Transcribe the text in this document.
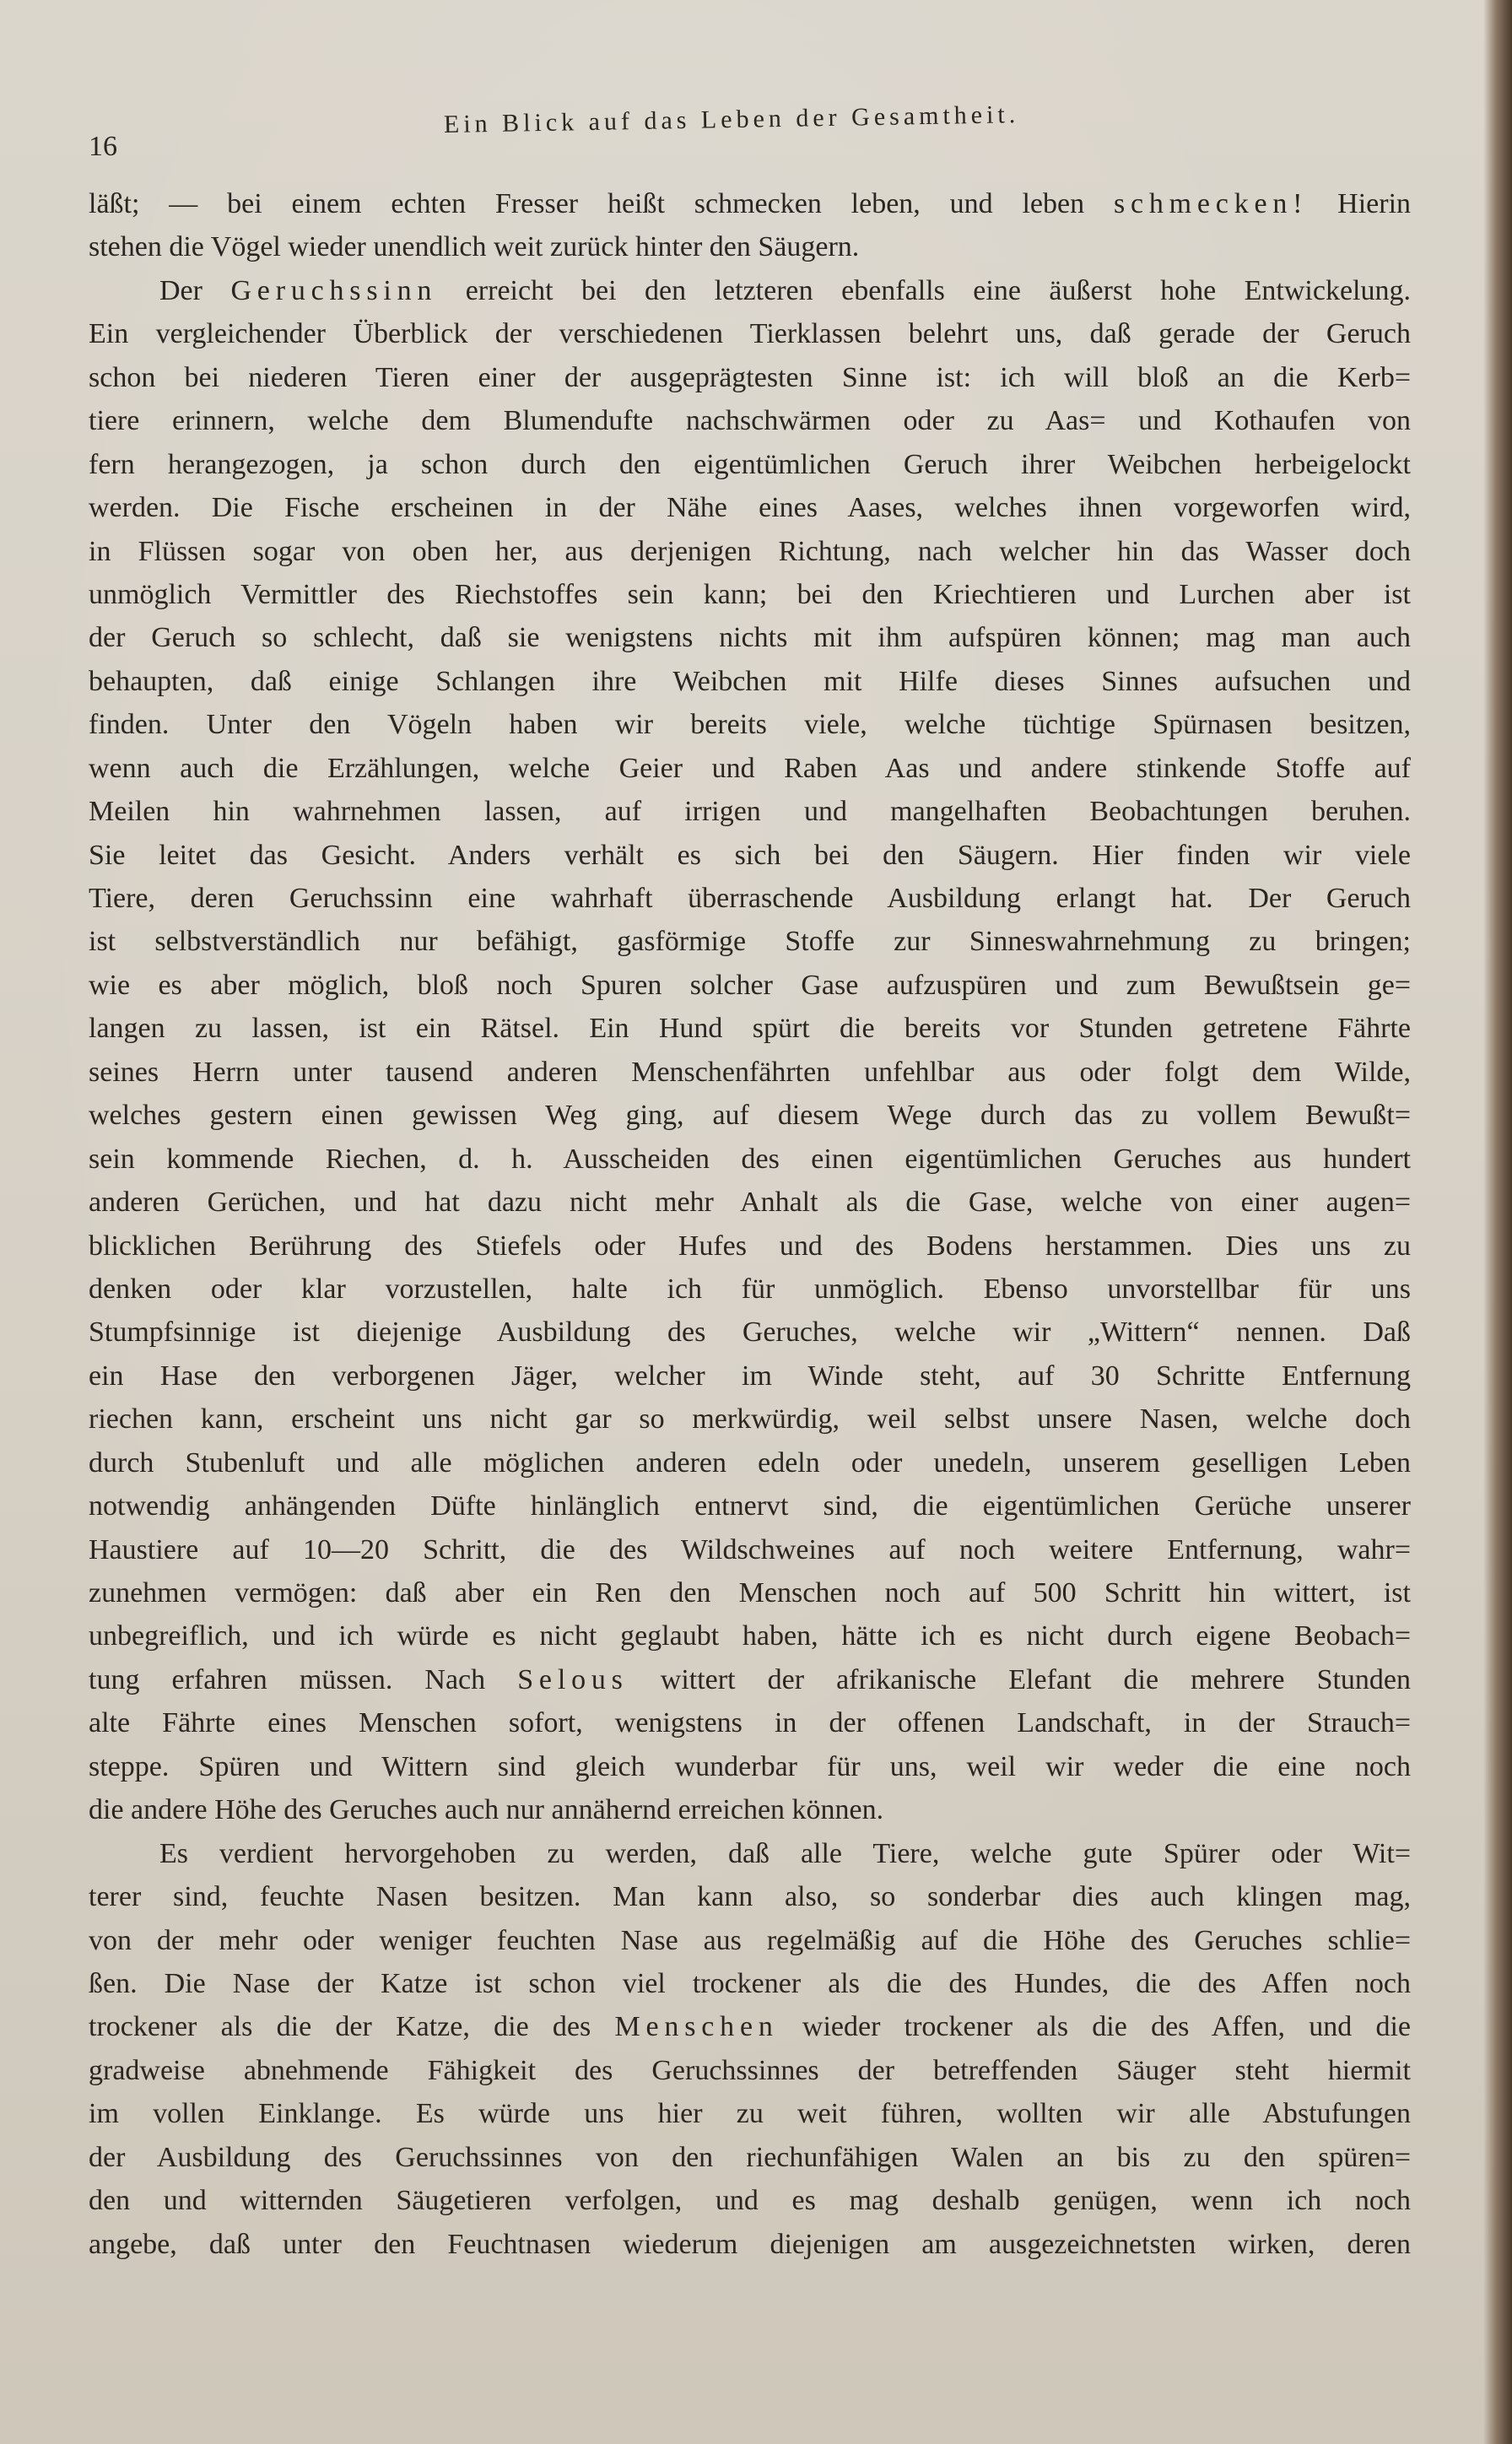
16
Ein Blick auf das Leben der Gesamtheit.
läßt; — bei einem echten Fresser heißt schmecken leben, und leben schmecken! Hierin
stehen die Vögel wieder unendlich weit zurück hinter den Säugern.
Der Geruchssinn erreicht bei den letzteren ebenfalls eine äußerst hohe Entwickelung.
Ein vergleichender Überblick der verschiedenen Tierklassen belehrt uns, daß gerade der Geruch
schon bei niederen Tieren einer der ausgeprägtesten Sinne ist: ich will bloß an die Kerb=
tiere erinnern, welche dem Blumendufte nachschwärmen oder zu Aas= und Kothaufen von
fern herangezogen, ja schon durch den eigentümlichen Geruch ihrer Weibchen herbeigelockt
werden. Die Fische erscheinen in der Nähe eines Aases, welches ihnen vorgeworfen wird,
in Flüssen sogar von oben her, aus derjenigen Richtung, nach welcher hin das Wasser doch
unmöglich Vermittler des Riechstoffes sein kann; bei den Kriechtieren und Lurchen aber ist
der Geruch so schlecht, daß sie wenigstens nichts mit ihm aufspüren können; mag man auch
behaupten, daß einige Schlangen ihre Weibchen mit Hilfe dieses Sinnes aufsuchen und
finden. Unter den Vögeln haben wir bereits viele, welche tüchtige Spürnasen besitzen,
wenn auch die Erzählungen, welche Geier und Raben Aas und andere stinkende Stoffe auf
Meilen hin wahrnehmen lassen, auf irrigen und mangelhaften Beobachtungen beruhen.
Sie leitet das Gesicht. Anders verhält es sich bei den Säugern. Hier finden wir viele
Tiere, deren Geruchssinn eine wahrhaft überraschende Ausbildung erlangt hat. Der Geruch
ist selbstverständlich nur befähigt, gasförmige Stoffe zur Sinneswahrnehmung zu bringen;
wie es aber möglich, bloß noch Spuren solcher Gase aufzuspüren und zum Bewußtsein ge=
langen zu lassen, ist ein Rätsel. Ein Hund spürt die bereits vor Stunden getretene Fährte
seines Herrn unter tausend anderen Menschenfährten unfehlbar aus oder folgt dem Wilde,
welches gestern einen gewissen Weg ging, auf diesem Wege durch das zu vollem Bewußt=
sein kommende Riechen, d. h. Ausscheiden des einen eigentümlichen Geruches aus hundert
anderen Gerüchen, und hat dazu nicht mehr Anhalt als die Gase, welche von einer augen=
blicklichen Berührung des Stiefels oder Hufes und des Bodens herstammen. Dies uns zu
denken oder klar vorzustellen, halte ich für unmöglich. Ebenso unvorstellbar für uns
Stumpfsinnige ist diejenige Ausbildung des Geruches, welche wir „Wittern“ nennen. Daß
ein Hase den verborgenen Jäger, welcher im Winde steht, auf 30 Schritte Entfernung
riechen kann, erscheint uns nicht gar so merkwürdig, weil selbst unsere Nasen, welche doch
durch Stubenluft und alle möglichen anderen edeln oder unedeln, unserem geselligen Leben
notwendig anhängenden Düfte hinlänglich entnervt sind, die eigentümlichen Gerüche unserer
Haustiere auf 10—20 Schritt, die des Wildschweines auf noch weitere Entfernung, wahr=
zunehmen vermögen: daß aber ein Ren den Menschen noch auf 500 Schritt hin wittert, ist
unbegreiflich, und ich würde es nicht geglaubt haben, hätte ich es nicht durch eigene Beobach=
tung erfahren müssen. Nach Selous wittert der afrikanische Elefant die mehrere Stunden
alte Fährte eines Menschen sofort, wenigstens in der offenen Landschaft, in der Strauch=
steppe. Spüren und Wittern sind gleich wunderbar für uns, weil wir weder die eine noch
die andere Höhe des Geruches auch nur annähernd erreichen können.
Es verdient hervorgehoben zu werden, daß alle Tiere, welche gute Spürer oder Wit=
terer sind, feuchte Nasen besitzen. Man kann also, so sonderbar dies auch klingen mag,
von der mehr oder weniger feuchten Nase aus regelmäßig auf die Höhe des Geruches schlie=
ßen. Die Nase der Katze ist schon viel trockener als die des Hundes, die des Affen noch
trockener als die der Katze, die des Menschen wieder trockener als die des Affen, und die
gradweise abnehmende Fähigkeit des Geruchssinnes der betreffenden Säuger steht hiermit
im vollen Einklange. Es würde uns hier zu weit führen, wollten wir alle Abstufungen
der Ausbildung des Geruchssinnes von den riechunfähigen Walen an bis zu den spüren=
den und witternden Säugetieren verfolgen, und es mag deshalb genügen, wenn ich noch
angebe, daß unter den Feuchtnasen wiederum diejenigen am ausgezeichnetsten wirken, deren
